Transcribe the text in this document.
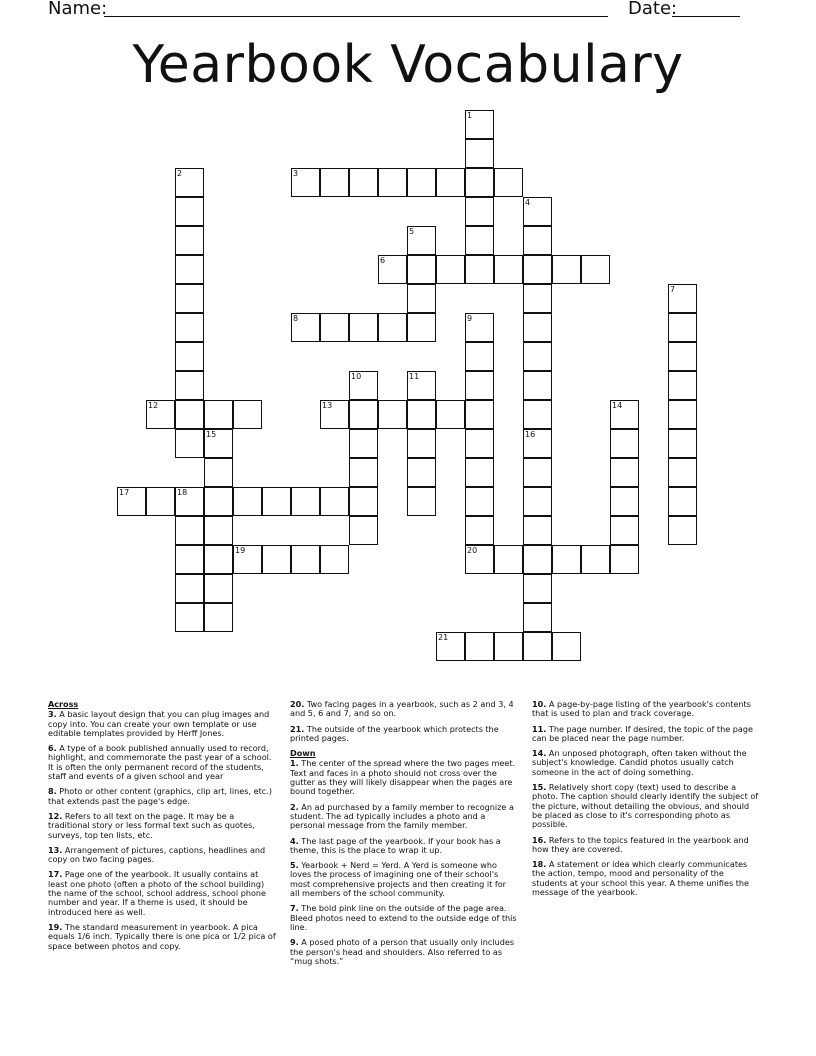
Name:	Date:
Yearbook Vocabulary
3
6
8
12	13
17	18
19	20
21
1
2
4
5
7
9
10	11
14
15	16
Across
3. A basic layout design that you can plug images and copy into. You can create your own template or use editable templates provided by Herff Jones.
6. A type of a book published annually used to record, highlight, and commemorate the past year of a school. It is often the only permanent record of the students, staff and events of a given school and year
8. Photo or other content (graphics, clip art, lines, etc.) that extends past the page's edge.
12. Refers to all text on the page. It may be a traditional story or less formal text such as quotes, surveys, top ten lists, etc.
13. Arrangement of pictures, captions, headlines and copy on two facing pages.
17. Page one of the yearbook. It usually contains at least one photo (often a photo of the school building) the name of the school, school address, school phone number and year. If a theme is used, it should be introduced here as well.
19. The standard measurement in yearbook. A pica equals 1/6 inch. Typically there is one pica or 1/2 pica of space between photos and copy.
20. Two facing pages in a yearbook, such as 2 and 3, 4 and 5, 6 and 7, and so on.
21. The outside of the yearbook which protects the printed pages.
Down
1. The center of the spread where the two pages meet. Text and faces in a photo should not cross over the gutter as they will likely disappear when the pages are bound together.
2. An ad purchased by a family member to recognize a student. The ad typically includes a photo and a personal message from the family member.
4. The last page of the yearbook. If your book has a theme, this is the place to wrap it up.
5. Yearbook + Nerd = Yerd. A Yerd is someone who loves the process of imagining one of their school's most comprehensive projects and then creating it for all members of the school community.
7. The bold pink line on the outside of the page area. Bleed photos need to extend to the outside edge of this line.
9. A posed photo of a person that usually only includes the person's head and shoulders. Also referred to as “mug shots.”
10. A page-by-page listing of the yearbook's contents that is used to plan and track coverage.
11. The page number. If desired, the topic of the page can be placed near the page number.
14. An unposed photograph, often taken without the subject's knowledge. Candid photos usually catch someone in the act of doing something.
15. Relatively short copy (text) used to describe a photo. The caption should clearly identify the subject of the picture, without detailing the obvious, and should be placed as close to it's corresponding photo as possible.
16. Refers to the topics featured in the yearbook and how they are covered.
18. A statement or idea which clearly communicates the action, tempo, mood and personality of the students at your school this year. A theme unifies the message of the yearbook.
